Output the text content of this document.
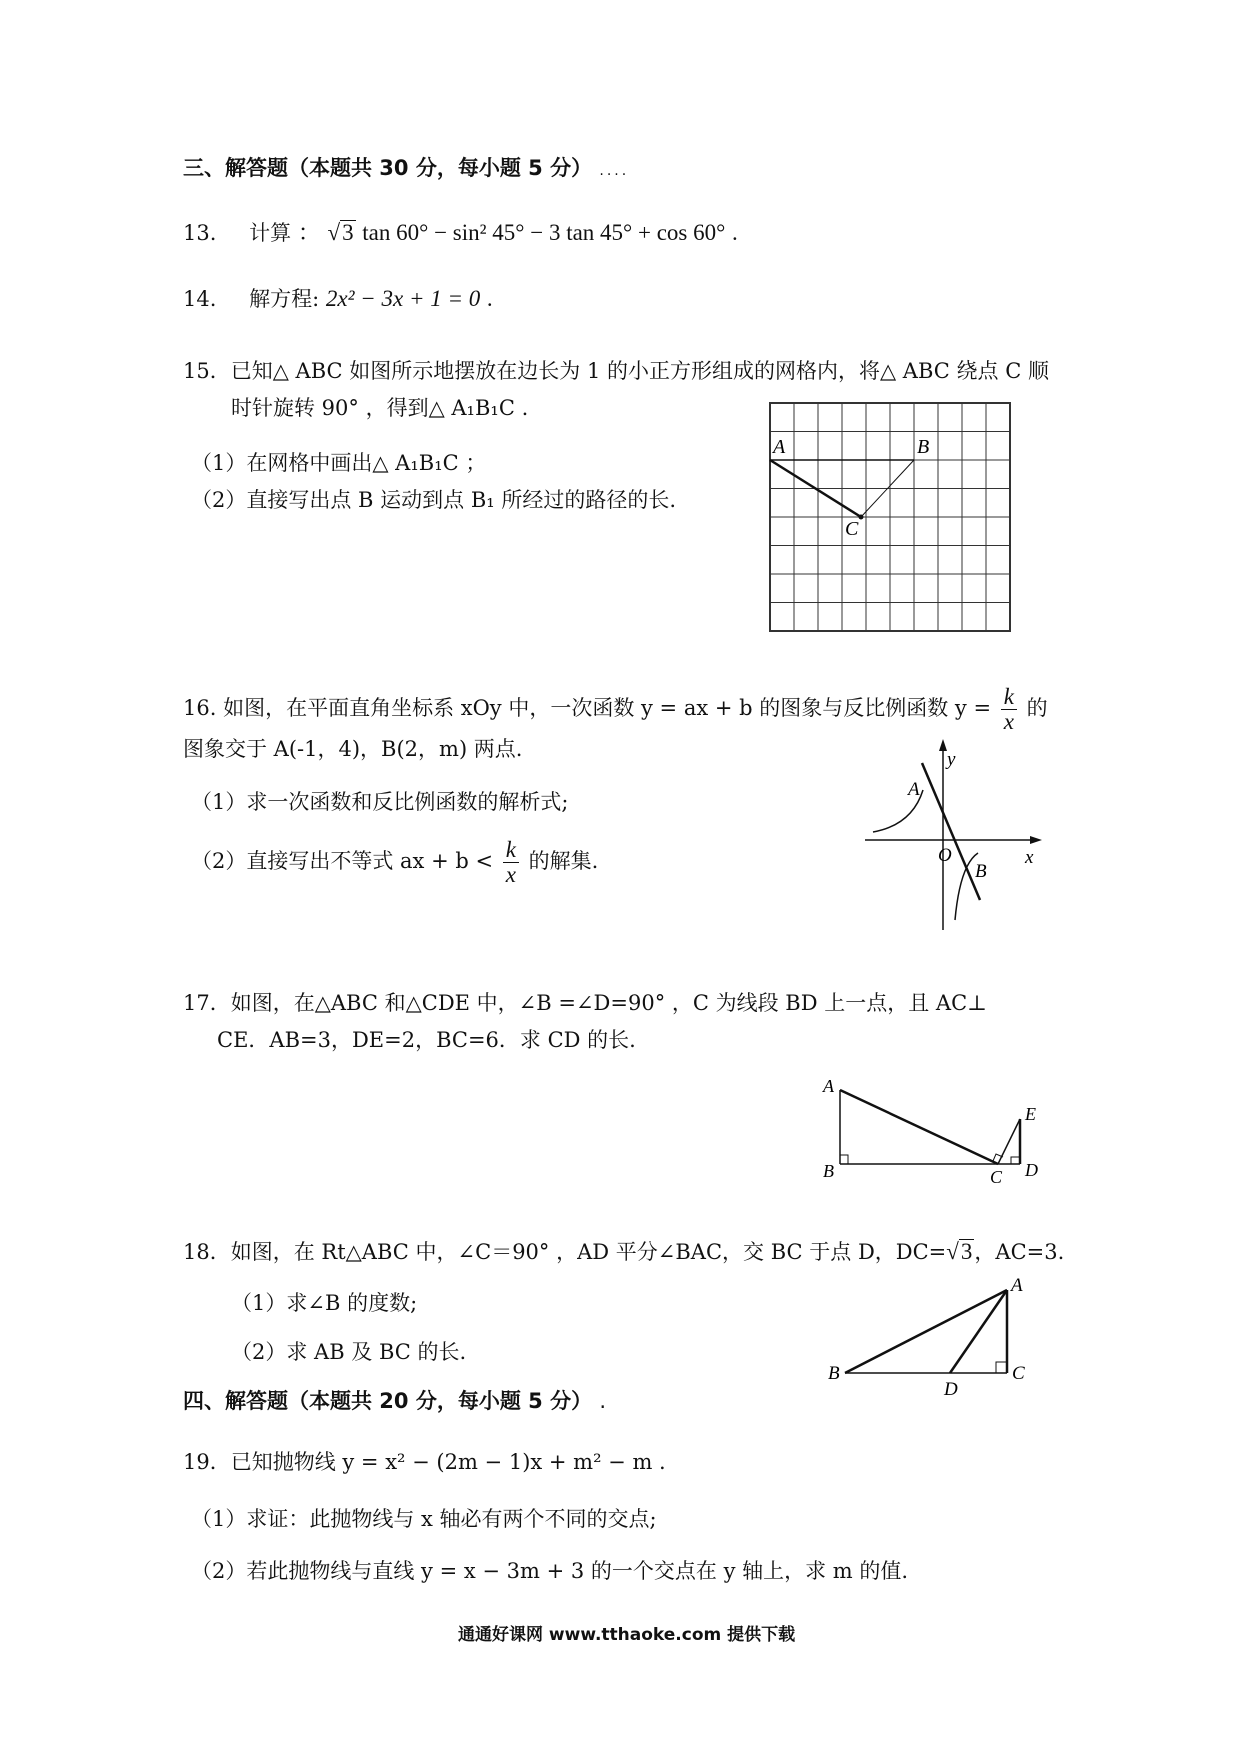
三、解答题（本题共 30 分，每小题 5 分） ....
13. 计算 ： √3 tan 60° − sin² 45° − 3 tan 45° + cos 60° .
14. 解方程: 2x² − 3x + 1 = 0 .
15．已知△ ABC 如图所示地摆放在边长为 1 的小正方形组成的网格内，将△ ABC 绕点 C 顺
时针旋转 90° ，得到△ A₁B₁C .
（1）在网格中画出△ A₁B₁C ；
（2）直接写出点 B 运动到点 B₁ 所经过的路径的长.
A	B
C
16. 如图，在平面直角坐标系 xOy 中，一次函数 y = ax + b 的图象与反比例函数 $y = \frac{k}{x}$ 的
图象交于 A(-1，4)，B(2，m) 两点.
（1）求一次函数和反比例函数的解析式;
（2）直接写出不等式 ax + $b < \frac{k}{x}$ 的解集.
A
B
y
x
O
17．如图，在△ABC 和△CDE 中，∠B =∠D=90° ，C 为线段 BD 上一点，且 AC⊥
CE．AB=3，DE=2，BC=6．求 CD 的长.
A
B	C D
E
18．如图，在 Rt△ABC 中，∠C＝90° ，AD 平分∠BAC，交 BC 于点 D，DC=√3，AC=3.
（1）求∠B 的度数;
（2）求 AB 及 BC 的长.
B
A
C
D
四、解答题（本题共 20 分，每小题 5 分） .
19．已知抛物线 y = x² − (2m − 1)x + m² − m .
（1）求证：此抛物线与 x 轴必有两个不同的交点;
（2）若此抛物线与直线 y = x − 3m + 3 的一个交点在 y 轴上，求 m 的值.
通通好课网 www.tthaoke.com 提供下载
